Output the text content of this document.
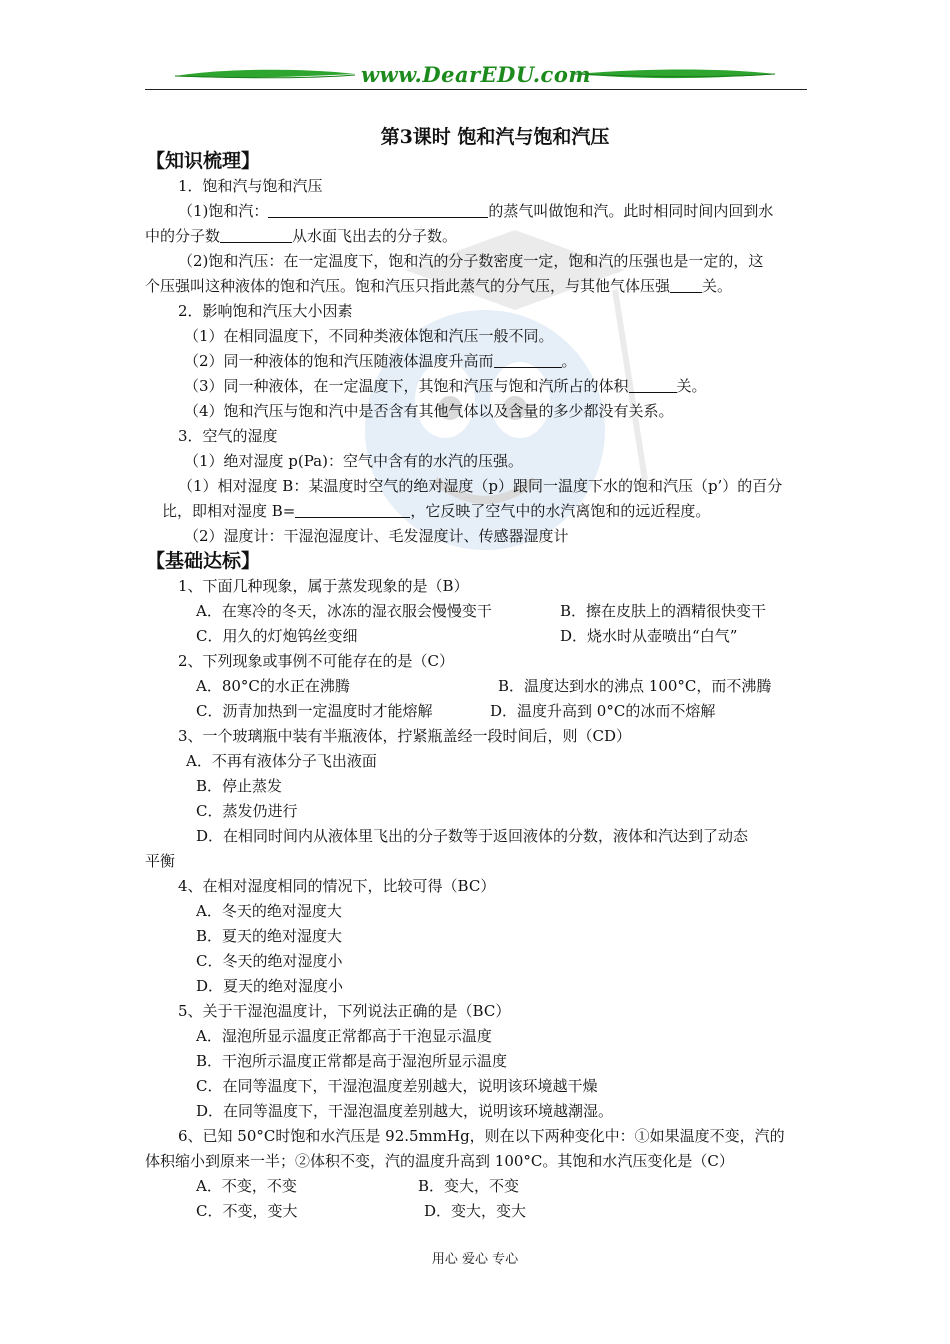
www.DearEDU.com
第3课时 饱和汽与饱和汽压
【知识梳理】
1．饱和汽与饱和汽压
（1)饱和汽：	的蒸气叫做饱和汽。此时相同时间内回到水
中的分子数	从水面飞出去的分子数。
（2)饱和汽压：在一定温度下，饱和汽的分子数密度一定，饱和汽的压强也是一定的，这
个压强叫这种液体的饱和汽压。饱和汽压只指此蒸气的分气压，与其他气体压强 关。
2．影响饱和汽压大小因素
（1）在相同温度下，不同种类液体饱和汽压一般不同。
（2）同一种液体的饱和汽压随液体温度升高而	。
（3）同一种液体，在一定温度下，其饱和汽压与饱和汽所占的体积	关。
（4）饱和汽压与饱和汽中是否含有其他气体以及含量的多少都没有关系。
3．空气的湿度
（1）绝对湿度 p(Pa)：空气中含有的水汽的压强。
（1）相对湿度 B：某温度时空气的绝对湿度（p）跟同一温度下水的饱和汽压（p’）的百分
比，即相对湿度 B=	，它反映了空气中的水汽离饱和的远近程度。
（2）湿度计：干湿泡湿度计、毛发湿度计、传感器湿度计
【基础达标】
1、下面几种现象，属于蒸发现象的是（B）
A．在寒冷的冬天，冰冻的湿衣服会慢慢变干	B．擦在皮肤上的酒精很快变干
C．用久的灯炮钨丝变细	D．烧水时从壶喷出“白气”
2、下列现象或事例不可能存在的是（C）
A．80°C的水正在沸腾	B．温度达到水的沸点 100°C，而不沸腾
C．沥青加热到一定温度时才能熔解	D．温度升高到 0°C的冰而不熔解
3、一个玻璃瓶中装有半瓶液体，拧紧瓶盖经一段时间后，则（CD）
A．不再有液体分子飞出液面
B．停止蒸发
C．蒸发仍进行
D．在相同时间内从液体里飞出的分子数等于返回液体的分数，液体和汽达到了动态
平衡
4、在相对湿度相同的情况下，比较可得（BC）
A．冬天的绝对湿度大
B．夏天的绝对湿度大
C．冬天的绝对湿度小
D．夏天的绝对湿度小
5、关于干湿泡温度计，下列说法正确的是（BC）
A．湿泡所显示温度正常都高于干泡显示温度
B．干泡所示温度正常都是高于湿泡所显示温度
C．在同等温度下，干湿泡温度差别越大，说明该环境越干燥
D．在同等温度下，干湿泡温度差别越大，说明该环境越潮湿。
6、已知 50°C时饱和水汽压是 92.5mmHg，则在以下两种变化中：①如果温度不变，汽的
体积缩小到原来一半；②体积不变，汽的温度升高到 100°C。其饱和水汽压变化是（C）
A．不变，不变	B．变大，不变
C．不变，变大	D．变大，变大
用心 爱心 专心
